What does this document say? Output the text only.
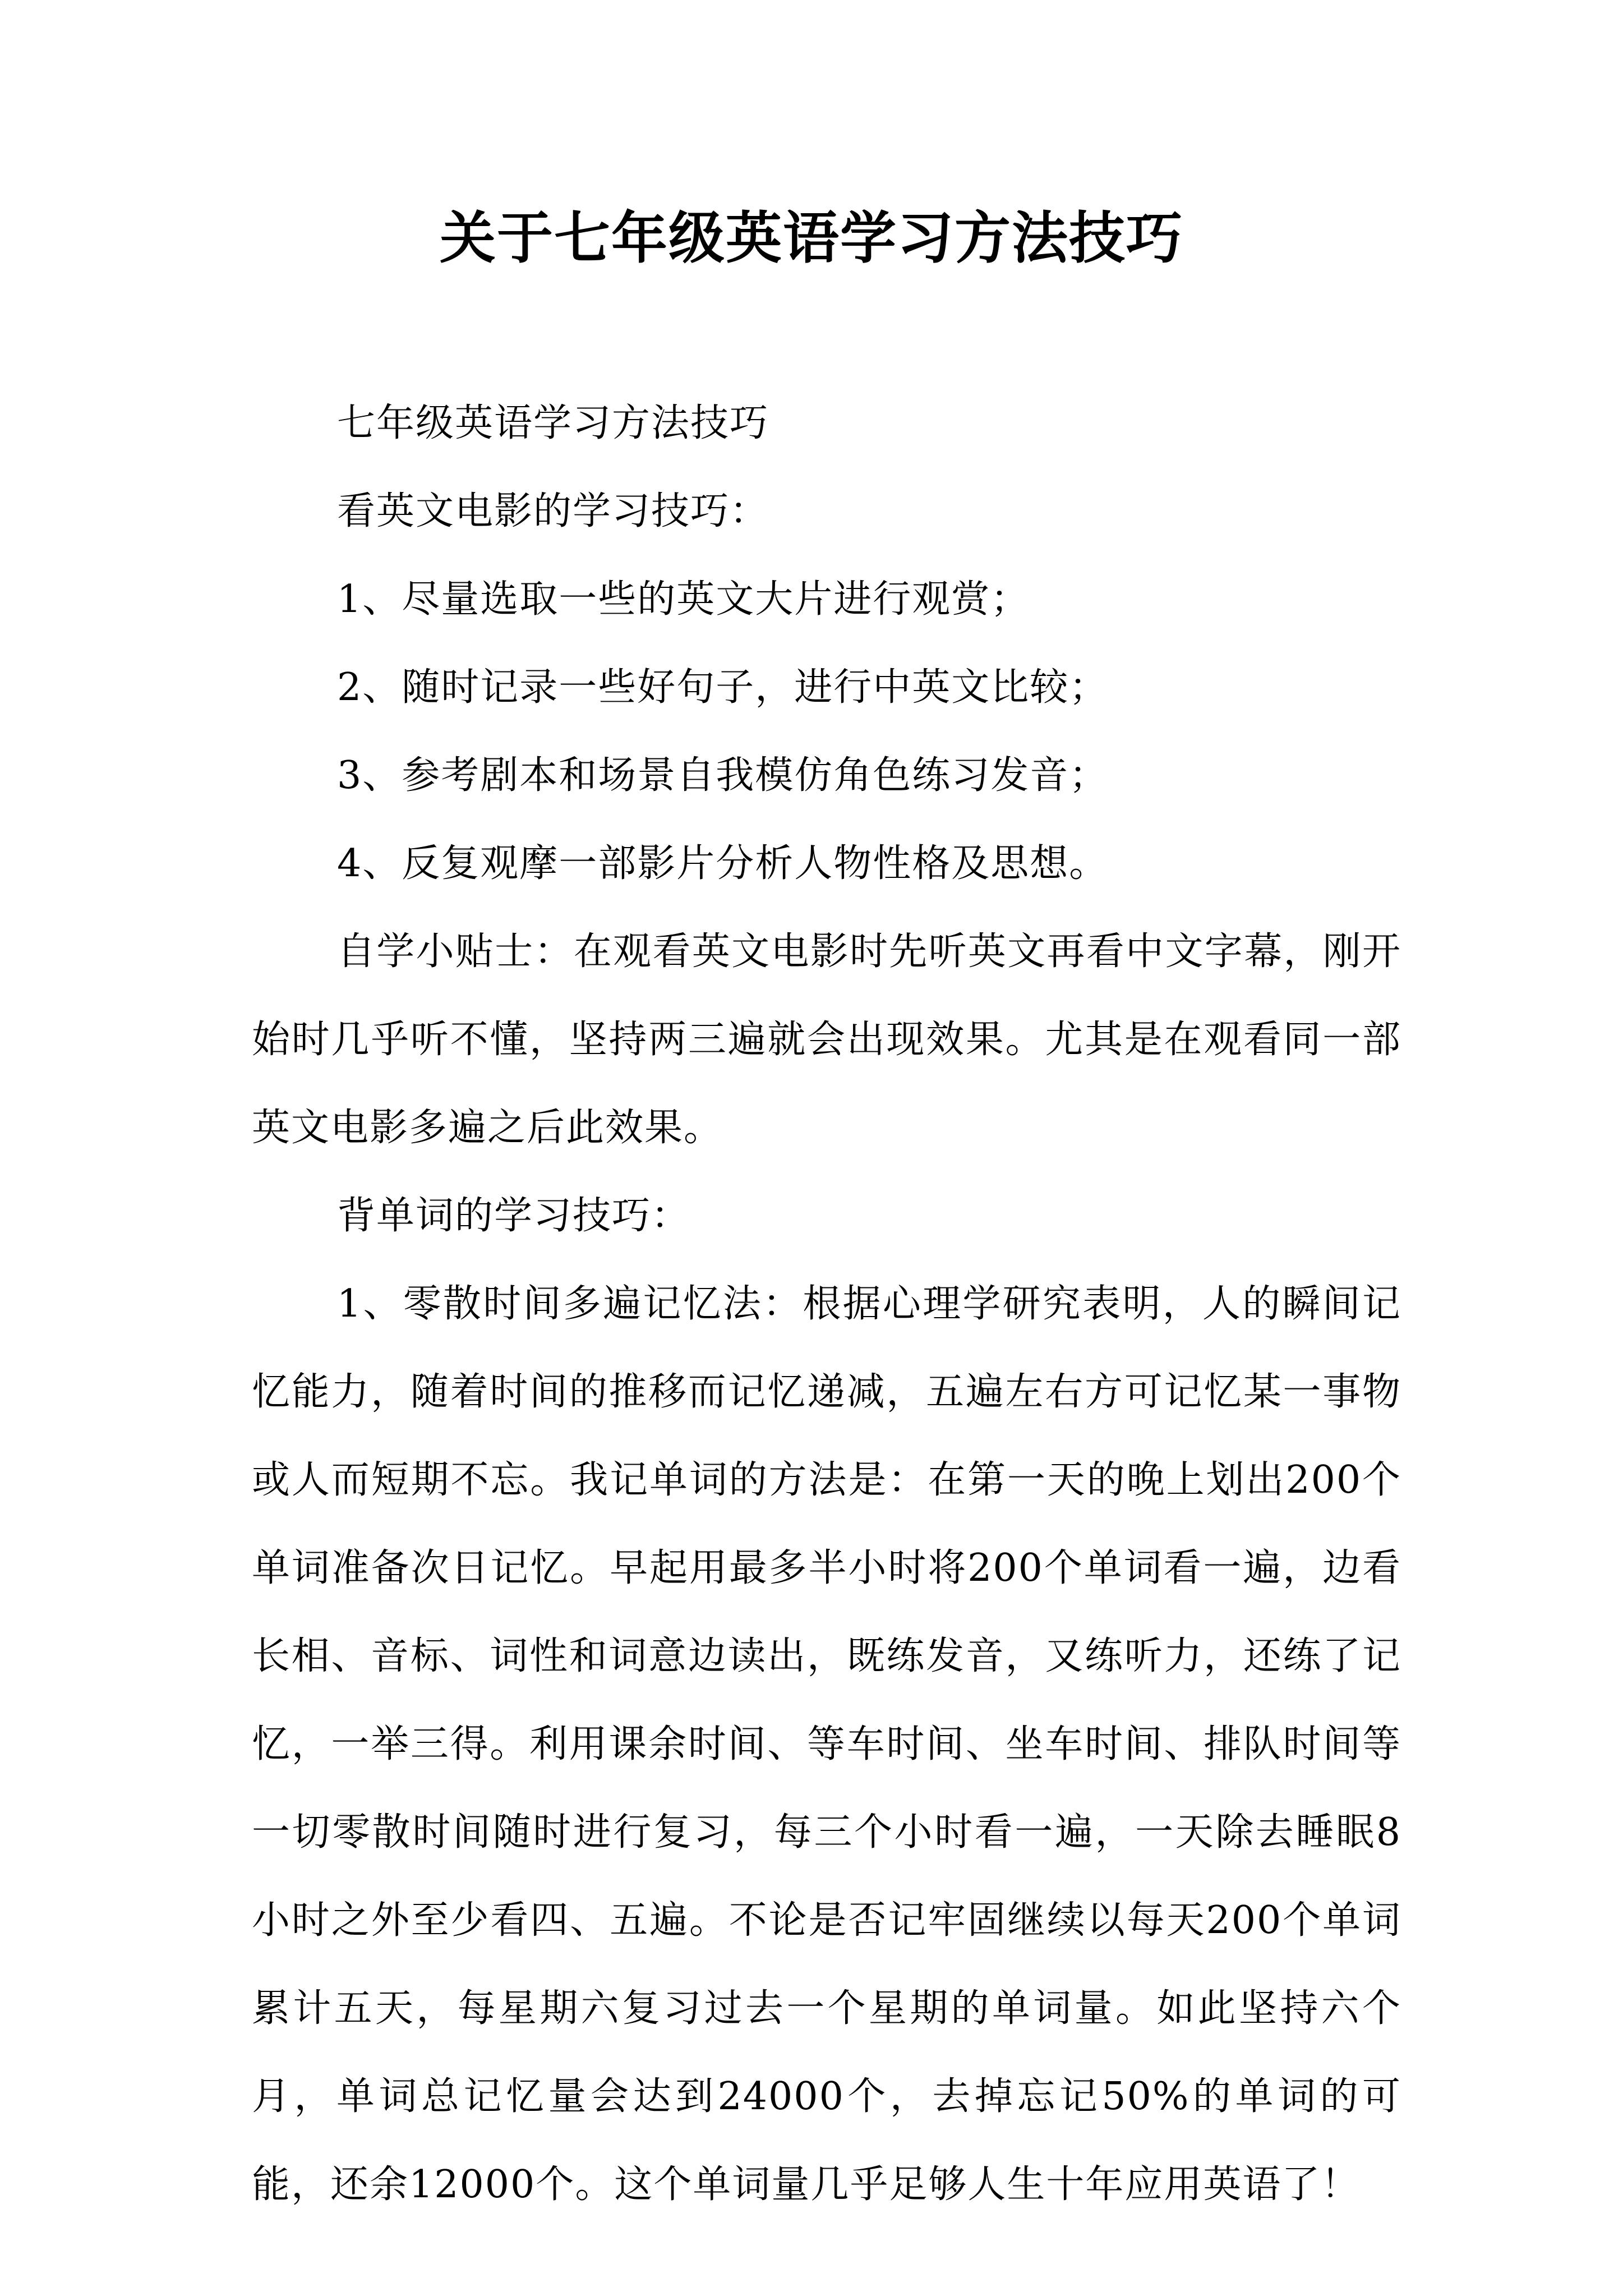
关于七年级英语学习方法技巧

七年级英语学习方法技巧

看英文电影的学习技巧：

1、尽量选取一些的英文大片进行观赏；

2、随时记录一些好句子，进行中英文比较；

3、参考剧本和场景自我模仿角色练习发音；

4、反复观摩一部影片分析人物性格及思想。

自学小贴士：在观看英文电影时先听英文再看中文字幕，刚开始时几乎听不懂，坚持两三遍就会出现效果。尤其是在观看同一部英文电影多遍之后此效果。

背单词的学习技巧：

1、零散时间多遍记忆法：根据心理学研究表明，人的瞬间记忆能力，随着时间的推移而记忆递减，五遍左右方可记忆某一事物或人而短期不忘。我记单词的方法是：在第一天的晚上划出200个单词准备次日记忆。早起用最多半小时将200个单词看一遍，边看长相、音标、词性和词意边读出，既练发音，又练听力，还练了记忆，一举三得。利用课余时间、等车时间、坐车时间、排队时间等一切零散时间随时进行复习，每三个小时看一遍，一天除去睡眠8小时之外至少看四、五遍。不论是否记牢固继续以每天200个单词累计五天，每星期六复习过去一个星期的单词量。如此坚持六个月，单词总记忆量会达到24000个，去掉忘记50%的单词的可能，还余12000个。这个单词量几乎足够人生十年应用英语了！
